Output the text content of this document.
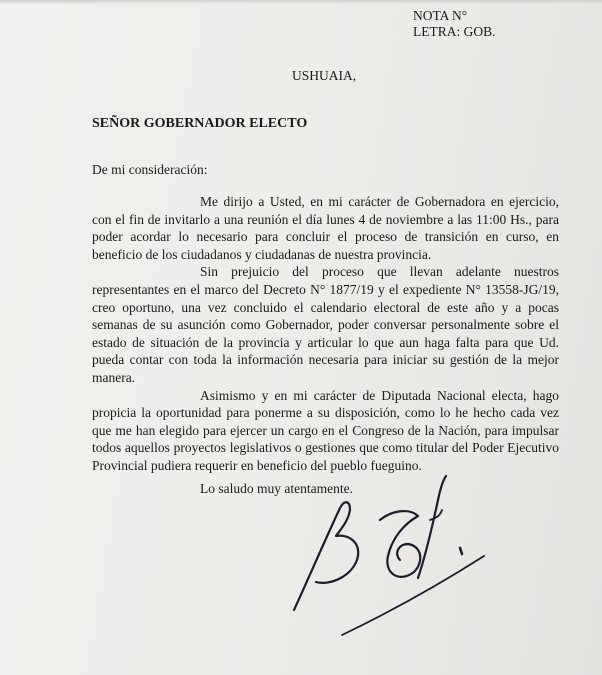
NOTA N°
LETRA: GOB.
USHUAIA,
SEÑOR GOBERNADOR ELECTO
De mi consideración:

Me dirijo a Usted, en mi carácter de Gobernadora en ejercicio, con el fin de invitarlo a una reunión el día lunes 4 de noviembre a las 11:00 Hs., para poder acordar lo necesario para concluir el proceso de transición en curso, en beneficio de los ciudadanos y ciudadanas de nuestra provincia.

Sin prejuicio del proceso que llevan adelante nuestros representantes en el marco del Decreto N° 1877/19 y el expediente N° 13558-JG/19, creo oportuno, una vez concluido el calendario electoral de este año y a pocas semanas de su asunción como Gobernador, poder conversar personalmente sobre el estado de situación de la provincia y articular lo que aun haga falta para que Ud. pueda contar con toda la información necesaria para iniciar su gestión de la mejor manera.

Asimismo y en mi carácter de Diputada Nacional electa, hago propicia la oportunidad para ponerme a su disposición, como lo he hecho cada vez que me han elegido para ejercer un cargo en el Congreso de la Nación, para impulsar todos aquellos proyectos legislativos o gestiones que como titular del Poder Ejecutivo Provincial pudiera requerir en beneficio del pueblo fueguino.

Lo saludo muy atentamente.
